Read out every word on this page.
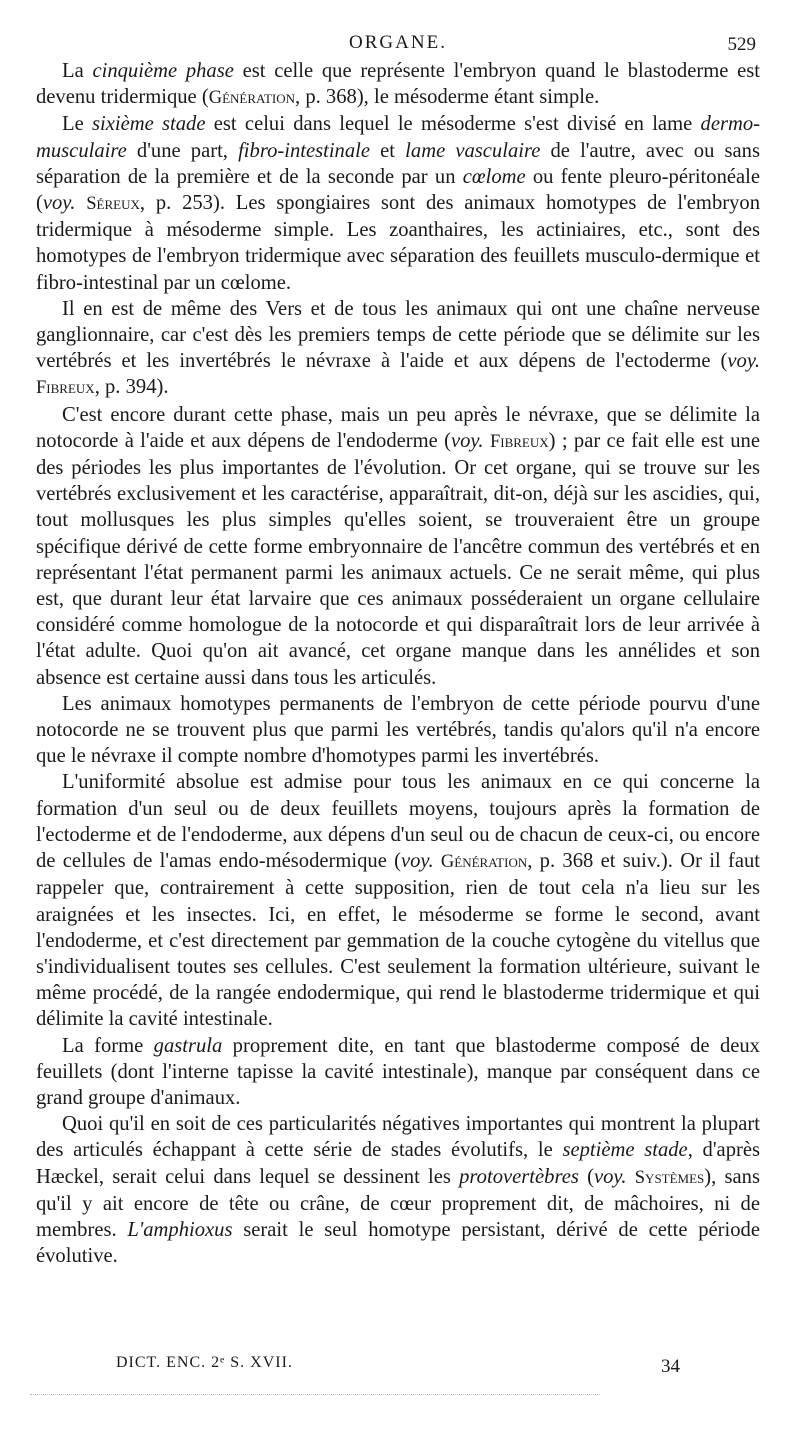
ORGANE.	529

La cinquième phase est celle que représente l'embryon quand le blastoderme est devenu tridermique (Génération, p. 368), le mésoderme étant simple.

Le sixième stade est celui dans lequel le mésoderme s'est divisé en lame dermo-musculaire d'une part, fibro-intestinale et lame vasculaire de l'autre, avec ou sans séparation de la première et de la seconde par un cœlome ou fente pleuro-péritonéale (voy. Séreux, p. 253). Les spongiaires sont des animaux homotypes de l'embryon tridermique à mésoderme simple. Les zoanthaires, les actiniaires, etc., sont des homotypes de l'embryon tridermique avec séparation des feuillets musculo-dermique et fibro-intestinal par un cœlome.

Il en est de même des Vers et de tous les animaux qui ont une chaîne nerveuse ganglionnaire, car c'est dès les premiers temps de cette période que se délimite sur les vertébrés et les invertébrés le névraxe à l'aide et aux dépens de l'ectoderme (voy. Fibreux, p. 394).

C'est encore durant cette phase, mais un peu après le névraxe, que se délimite la notocorde à l'aide et aux dépens de l'endoderme (voy. Fibreux) ; par ce fait elle est une des périodes les plus importantes de l'évolution. Or cet organe, qui se trouve sur les vertébrés exclusivement et les caractérise, apparaîtrait, dit-on, déjà sur les ascidies, qui, tout mollusques les plus simples qu'elles soient, se trouveraient être un groupe spécifique dérivé de cette forme embryonnaire de l'ancêtre commun des vertébrés et en représentant l'état permanent parmi les animaux actuels. Ce ne serait même, qui plus est, que durant leur état larvaire que ces animaux posséderaient un organe cellulaire considéré comme homologue de la notocorde et qui disparaîtrait lors de leur arrivée à l'état adulte. Quoi qu'on ait avancé, cet organe manque dans les annélides et son absence est certaine aussi dans tous les articulés.

Les animaux homotypes permanents de l'embryon de cette période pourvu d'une notocorde ne se trouvent plus que parmi les vertébrés, tandis qu'alors qu'il n'a encore que le névraxe il compte nombre d'homotypes parmi les invertébrés.

L'uniformité absolue est admise pour tous les animaux en ce qui concerne la formation d'un seul ou de deux feuillets moyens, toujours après la formation de l'ectoderme et de l'endoderme, aux dépens d'un seul ou de chacun de ceux-ci, ou encore de cellules de l'amas endo-mésodermique (voy. Génération, p. 368 et suiv.). Or il faut rappeler que, contrairement à cette supposition, rien de tout cela n'a lieu sur les araignées et les insectes. Ici, en effet, le mésoderme se forme le second, avant l'endoderme, et c'est directement par gemmation de la couche cytogène du vitellus que s'individualisent toutes ses cellules. C'est seulement la formation ultérieure, suivant le même procédé, de la rangée endodermique, qui rend le blastoderme tridermique et qui délimite la cavité intestinale.

La forme gastrula proprement dite, en tant que blastoderme composé de deux feuillets (dont l'interne tapisse la cavité intestinale), manque par conséquent dans ce grand groupe d'animaux.

Quoi qu'il en soit de ces particularités négatives importantes qui montrent la plupart des articulés échappant à cette série de stades évolutifs, le septième stade, d'après Hæckel, serait celui dans lequel se dessinent les protovertèbres (voy. Systèmes), sans qu'il y ait encore de tête ou crâne, de cœur proprement dit, de mâchoires, ni de membres. L'amphioxus serait le seul homotype persistant, dérivé de cette période évolutive.

DICT. ENC. 2ᵉ S. XVII.	34
